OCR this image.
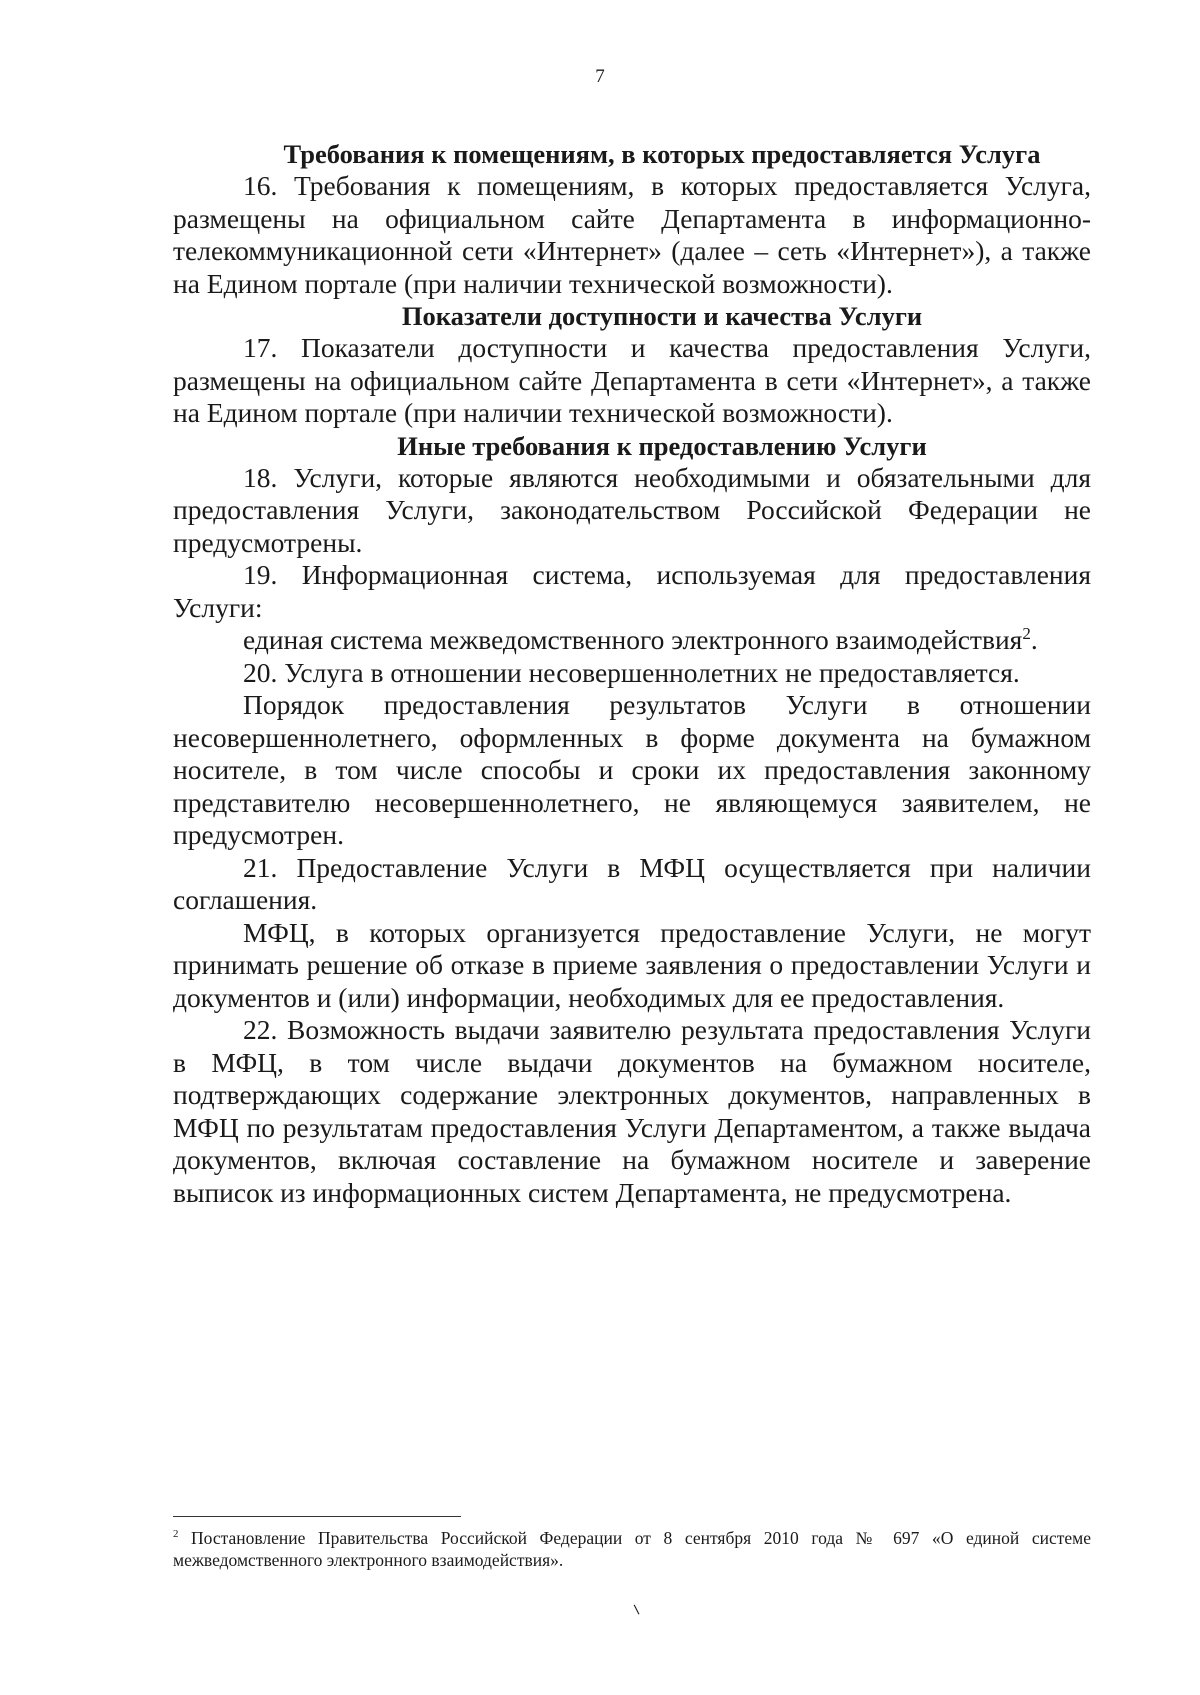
7
Требования к помещениям, в которых предоставляется Услуга

16. Требования к помещениям, в которых предоставляется Услуга, размещены на официальном сайте Департамента в информационно-телекоммуникационной сети «Интернет» (далее – сеть «Интернет»), а также на Едином портале (при наличии технической возможности).

Показатели доступности и качества Услуги

17. Показатели доступности и качества предоставления Услуги, размещены на официальном сайте Департамента в сети «Интернет», а также на Едином портале (при наличии технической возможности).

Иные требования к предоставлению Услуги

18. Услуги, которые являются необходимыми и обязательными для предоставления Услуги, законодательством Российской Федерации не предусмотрены.

19. Информационная система, используемая для предоставления Услуги:

единая система межведомственного электронного взаимодействия$^2$.

20. Услуга в отношении несовершеннолетних не предоставляется.

Порядок предоставления результатов Услуги в отношении несовершеннолетнего, оформленных в форме документа на бумажном носителе, в том числе способы и сроки их предоставления законному представителю несовершеннолетнего, не являющемуся заявителем, не предусмотрен.

21. Предоставление Услуги в МФЦ осуществляется при наличии соглашения.

МФЦ, в которых организуется предоставление Услуги, не могут принимать решение об отказе в приеме заявления о предоставлении Услуги и документов и (или) информации, необходимых для ее предоставления.

22. Возможность выдачи заявителю результата предоставления Услуги в МФЦ, в том числе выдачи документов на бумажном носителе, подтверждающих содержание электронных документов, направленных в МФЦ по результатам предоставления Услуги Департаментом, а также выдача документов, включая составление на бумажном носителе и заверение выписок из информационных систем Департамента, не предусмотрена.

$^2$ Постановление Правительства Российской Федерации от 8 сентября 2010 года № 697 «О единой системе межведомственного электронного взаимодействия».

⸌
